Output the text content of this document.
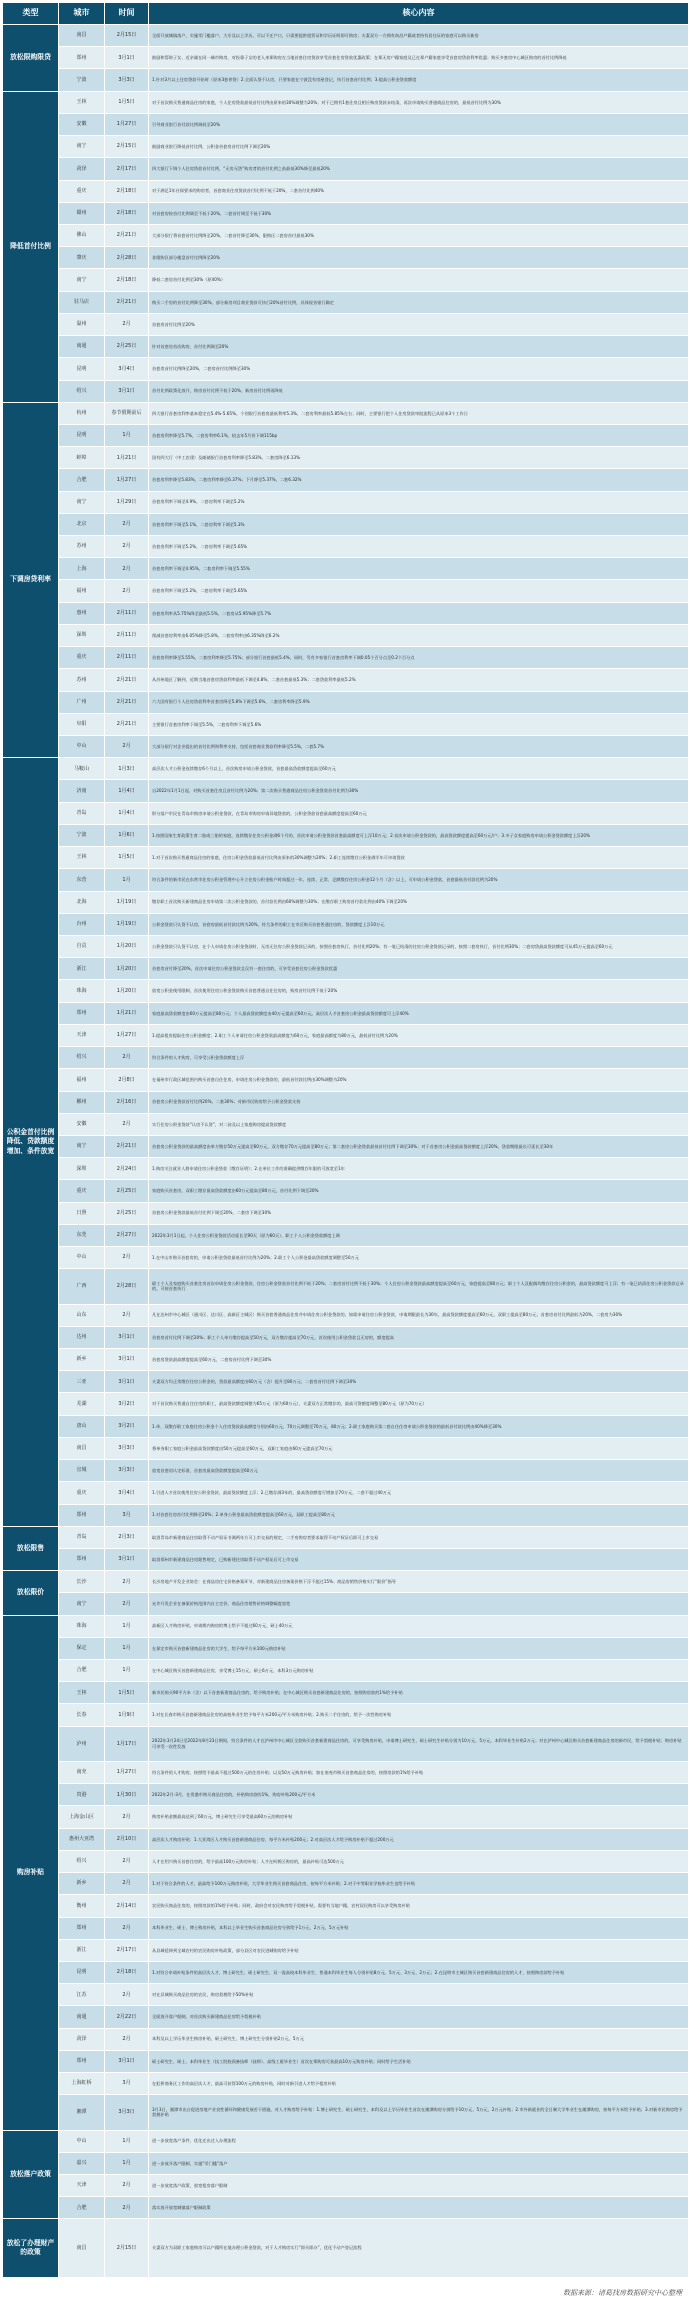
类型	城市	时间	核心内容
放松限购限贷	南昌	2月15日	全面开放城镇落户，实施零门槛落户，大专及以上学历，可以不迁户口，只需要提供租赁证和学历证明即可购房；夫妻双方一方拥有南昌户籍或者持有居住证的家庭可以购买新房

	郑州	3月1日	鼓励和帮助子女、近亲属在同一城市购房，对投靠子女的老人来郑购房在当地首套住房贷款享受首套住房贷款优惠政策；在郑无房户籍家庭及已在郑户籍家庭享受首套房贷款利率优惠；购买多套房中心城区购房的首付比例降低

	宁波	3月3日	1.针对3月以上住房贷款开始时（原来3套停贷）2.全面认贷不认房，只要家庭在宁波没有房屋登记，执行首套首付比例；3.提高公积金贷款额度

降低首付比例	王林	1月5日	对于首次购买普通商品住房的家庭，个人住房贷款最低首付比例由原来的30%调整为20%；对于已拥有1套住房且相应购房贷款未结清，再次申请购买普通商品住房的，最低首付比例为30%

	安徽	1月27日	引导商业银行首付款比例调低至20%

	南宁	2月15日	鼓励商业银行降低首付比例，公积金首套房首付比例下调至20%

	菏泽	2月17日	四大银行下调个人住房贷款首付比例，“无房无贷”购房者的首付比例之前最低30%降至最低20%

	重庆	2月18日	对于满足1年社保要求的购房者，首套商业住房贷款首付比例不低于20%，二套首付比例40%

	赣州	2月18日	对首套房按首付比例调至不低于20%，二套首付调至不低于30%

	佛山	2月21日	大部分银行将首套首付比例降至20%，二套首付降至30%，限购区二套房首付最低30%

	肇庆	2月28日	非限购区部分楼盘首付比例降至20%

	南宁	2月18日	降低二套房首付比例至30%（原40%）

	驻马店	2月21日	购买二手房的首付比例降至30%，部分新房项目商业贷款可执行20%首付比例，具体视各银行确定

	温州	2月	首套房首付比例至20%

	南通	2月25日	针对首套房首次购房，首付比例调至20%

	昆明	3月4日	首套房首付比例降至20%，二套房首付比例降至30%

	绍兴	3月1日	首付比例政策化放开，购房首付比例不低于20%，新房首付比例再降低

下调房贷利率	杭州	春节假期前后	四大银行首套房利率基本稳定在5.4%-5.65%，个别银行首套房最低利率5.3%，二套房利率最低5.85%左右；同时，主要银行把个人住房贷款审批流程已从原来3个工作日

	昆明	1月	首套房利率降至5.7%，二套房利率6.1%，较去年5月份下调115bp

	蚌埠	1月21日	国有四大行（中工农建）及邮储银行首套房利率降至5.83%，二套房降至6.13%

	合肥	1月27日	首套房利率降至5.83%，二套房利率降至6.37%；下月降至5.37%，二套6.32%

	南宁	1月29日	首套房利率下调至4.9%，二套房利率下调至5.2%

	北京	2月	首套房利率下调至5.1%，二套房利率下调至5.3%

	苏州	2月	首套房利率下调至5.2%，二套房利率下调至5.65%

	上海	2月	首套房利率下调至4.95%，二套房利率下调至5.55%

	福州	2月	首套房利率下调至5.2%，二套房利率下调至5.65%

	惠州	2月11日	首套房利率从5.75%降至最低5.5%，二套房从5.95%降至5.7%

	深圳	2月11日	削减首套房利率由6.05%降至5.8%，二套房利率由6.35%降至6.2%

	重庆	2月11日	首套房利率降至5.55%，二套房利率降至5.75%；部分银行首套最低5.4%，同时，另有多家银行首套房利率下调0.05个百分点至0.2个百分点

	苏州	2月21日	从苏州地区了解到，近期当地首套房贷款利率最低下调至4.8%，二套首套最低5.3%；二套贷款利率最低5.2%

	广州	2月21日	六大国有银行个人住房贷款利率首套房降至5.8%下调至5.6%，二套房利率降至5.9%

	阜阳	2月21日	主要银行首套房利率下调至5.5%，二套房利率下调至5.6%

	中山	2月	大部分银行对企业提出的首付比例和利率支持，包括首套商业贷款利率降至5.5%，二套5.7%

公积金首付比例降低、贷款额度增加、条件放宽	马鞍山	1月3日	高层次人才公积金连续缴存6个月以上，首次购房申请公积金贷款，首套最高贷款额度提高至60万元

	济南	1月4日	自2022年1月1日起，对购买首套住房且首付比例为20%；第二次购买普通商品住房公积金贷款首付比例为30%

	青岛	1月4日	积分落户市民在青岛市购房申请公积金贷款，在青岛市购房申请异地贷款的，公积金贷款首套最高额度提高至60万元

	宁波	1月6日	1.按照国家生育政策生育二胎或三胎的家庭，连续缴存住房公积金满6个月的，首次申请公积金贷款首套最高额度可上浮10万元；2.首次申请公积金贷款的，最高贷款额度提高至60万元/户；3.多子女家庭购房申请公积金贷款额度上浮20%

	王林	1月5日	1.对于首次购买普通商品住房的家庭，住房公积金贷款最低首付比例由原来的30%调整为20%；2.职工连续缴存公积金满半年可申请贷款

	东营	1月	符合条件的新市民在东营市住房公积金管理中心开立住房公积金账户时间超过一年，连续、正常、足额缴存住房公积金12个月（含）以上，可申请公积金贷款，首套最低首付款比例为20%

	北海	1月19日	缴存职工首次购买新建商品住房申请第二次公积金贷款的，首付款比例由60%调整为30%；在缴存职工购房首付款比例由40%下调至20%

	台州	1月19日	公积金贷款只认贷不认房，首套房最低首付款比例为20%，符合条件的职工在市区购买首套普通住房的，贷款额度上浮10万元

	自贡	1月20日	公积金贷款只认贷不认房，在个人申请住房公积金贷款时，无房无住房公积金贷款记录的，按照首套房执行，首付比例20%；有一笔已结清的住房公积金贷款记录的，按照二套房执行，首付比例30%；二套房贷最高贷款额度可从45万元提高至60万元

	浙江	1月20日	首套房首付降至20%，首次申请住房公积金贷款且仅有一套住房的，可享受首套住房公积金贷款优惠

	珠海	1月20日	放宽公积金使用限制，首次使用住房公积金贷款购买首套普通自住住房的，购房首付比例不低于20%

	郑州	1月21日	家庭最高贷款额度由60万元提高至80万元；个人最高贷款额度由40万元提高至60万元。高层次人才首套房公积金最高贷款额度可上浮40%

	天津	1月27日	1.提高租房提取住房公积金额度；2.职工个人申请住房公积金贷款最高额度为60万元，家庭最高额度为80万元，最低首付比例为20%

	绍兴	2月	符合条件的人才购房，可享受公积金贷款额度上浮

	福州	2月8日	在福州市行政区域范围内购买首套自住住房，申请住房公积金贷款的，最低首付款比例由30%调整为20%

	郴州	2月16日	首套房公积金贷款首付比例20%，二套30%；对新市民购房给予公积金贷款支持

	安徽	2月	实行住房公积金贷款“认房不认贷”，对二孩及以上家庭购房提高贷款额度

	南宁	2月21日	首套房公积金贷款的最高额度由单方缴存50万元提高至60万元，双方缴存70万元提高至80万元；第二套房公积金贷款最低首付比例下调至30%；对于首套房公积金最高贷款额度上浮20%，贷款期限最长可延长至30年

	深圳	2月24日	1.购房关注就业人群申请住房公积金贷款《缴存证明》；2.在单位工作的准确提供缴存年限的可放宽至1年

	重庆	2月25日	家庭购买首套房，双职工缴存最高贷款额度由60万元提高至80万元，首付比例下调至20%

	日照	2月25日	首套房公积金贷款最低首付比例下调至20%，二套房下调至30%

	东莞	2月27日	2022年3月1日起，个人住房公积金贷款活动延长至90天（原为60天），职工个人公积金贷款额度上调

	中山	2月	1.在中山市购买首套房的，申请公积金贷款最低首付比例为20%；2.职工个人公积金最高贷款额度调整至50万元

	广西	2月28日	职工个人及家庭购买首套住房首次申请住房公积金贷款，住房公积金贷款首付比例不低于20%；二套房首付比例不低于30%；个人住房公积金贷款最高额度提高至60万元，家庭提高至80万元；职工个人及配偶均缴存住房公积金的，最高贷款额度可上浮；有一笔已结清住房公积金贷款记录的，可按首套执行

	山东	2月	凡在达州市中心城区（通川区、达川区、高新区主城区）购买首套普通商品住房并申请住房公积金贷款的，如需申请住房公积金贷款，申请期限最长为30年，最高贷款额度提高至60万元，双职工提高至80万元；首套房首付比例最低为20%，二套房为30%

	达州	3月1日	首套房首付比例下调至20%；职工个人单方缴存提高至50万元，双方缴存提高至70万元，首次使用公积金贷款且无房的，额度提高

	新乡	3月1日	首套房贷款最高额度提高至60万元，二套房首付比例下调至30%

	三亚	3月1日	夫妻双方均正常缴存住房公积金的，贷款最高额度由60万元（含）提升至80万元；二套房首付比例下调至30%

	芜湖	3月2日	对于首次购买普通自住住房的职工，最高贷款额度调整为65万元（原为60万元），夫妻双方正常缴存的，最高可贷额度调整至80万元（原为70万元）

	唐山	3月2日	1.单、双缴存职工家庭住房公积金个人住房贷款最高额度分别由60万元、70万元调整至70万元、80万元；2.职工家庭购买第二套自住住房申请公积金贷款的最低首付款比例由40%降至30%

	南昌	3月3日	将单身职工家庭公积金最高贷款额度由50万元提高至60万元，双职工家庭由60万元提高至70万元

	宜城	3月3日	放宽首套房认定标准，首套房最高贷款额度提高至60万元

	重庆	3月4日	1.引进人才首次使用住房公积金贷款，最高贷款额度上浮；2.已缴存满3年的，最高贷款额度可增加至70万元，二套不超过40万元

	郑州	3月	1.对首套住房首付比例降至20%；2.单身公积金最高贷款额度提高至60万元，双职工提高至80万元

放松限售	青岛	2月3日	取消青岛市新建商品住房取得不动产权证书满两年方可上市交易的规定，二手房购房者要求取得不动产权证后即可上市交易

	郑州	3月1日	取消郑州市新建商品住房限售规定，已购新建住房取得不动产权证后可上市交易

放松限价	长沙	2月	长沙房地产开发企业协会：在商品房住宅价格备案环节，对新建商品住房备案价格下浮不超过15%；商品房销售价格实行“限价”指导

	南宁	2月	允许开发企业在备案价格范围内自主定价，商品住房销售价格调整幅度放宽

购房补贴	珠海	1月	高新区人才购房补贴，申请期内购房的博士给予不超过60万元，硕士40万元

	保定	1月	在保定市购买首套新建商品住房的大学生，给予每平方米100元购房补贴

	合肥	1月	在中心城区购买首套新建商品住房，享受博士15万元、硕士6万元、本科3万元购房补贴

	王林	1月5日	新市民购买90平方米（含）以下首套新建商品住房的，给予购房补贴；在中心城区购买首套新建商品住房的，按照购房款的1%给予补贴

	长春	1月9日	1.对在长春市购买首套新建商品住房的高校毕业生给予每平方米200元/平方米购房补贴；2.购买二手住房的，给予一次性购房补贴

	泸州	1月17日	2022年3月24日至2022年8月23日期间，符合条件的人才在泸州市中心城区全款购买首套新建商品住房的，可享受购房补贴，申请博士研究生、硕士研究生补贴分别为10万元、5万元，本科毕业生补贴2万元；对在泸州中心城区购买首套新建商品住房的新市民，给予契税补贴；购房补贴可享受一次性发放

	南充	1月27日	符合条件的人才购房，按照给予最高不超过500万元的住房补贴；以及50万元购房补贴；如在南充市购买首套商品住房的，按照房款的1%给予补贴

	贵港	1月30日	2022年2月-3月，在贵港市购买商品住房的，补贴购房款的1%，购房补贴200元/平方米

	上海金山区	2月	购房补贴金额最高达到了60万元，博士研究生可享受最高60万元的购房补贴

	惠州大亚湾	2月10日	高层次人才购房补贴：1.大亚湾区人才购买首套新建商品住房，每平方米补贴200元；2.对高层次人才给予购房补贴不超过200万元

	绍兴	2月	人才在绍兴购买首套住房的，给予最高100万元购房补贴；人才在柯桥区购房的，最高补贴可达500万元

	新乡	2月	1.对于符合条件的人才，最高给予100万元购房补贴，大学毕业生购买首套商品住房，按每平方米补贴；2.对于中等职业学校毕业生也给予补贴

	衡州	2月14日	农民购买商品住房的，按照房款的1%给予补贴；同时，政府会对农民购房给予契税补贴，需要有当地户籍，农村居民购房可以享受购房补贴

	郑州	2月	本科毕业生、硕士、博士购房补贴，本科以上毕业生购买首套商品住房分别给予1万元、2万元、5万元补贴

	浙江	2月17日	从县城延伸到全域农村的农民购房补贴政策，部分县区对农民进城购房给予补贴

	昆明	2月18日	1.对符合申请补贴条件的高层次人才，博士研究生、硕士研究生、双一流高校本科毕业生、普通本科毕业生每人分别补贴8万元、5万元、3万元、2万元；2.在昆明市主城区购买首套新建商品住房的人才，按照购房款给予补贴

	江苏	2月	对在县城购买商品住房的农民，购房契税给予50%补贴

	南通	2月22日	全面放开落户限制，对首次购买新建商品住房给予契税补贴

	菏泽	2月	本科及以上学历毕业生购房补贴，硕士研究生、博士研究生分别补贴2万元、5万元

	郑州	3月1日	硕士研究生、硕士、本科毕业生（技工院校预备技师（技师）、高级工班毕业生）首次在郑购房可获最高10万元购房补贴；同时给予生活补贴

	上海虹桥	3月	在虹桥商务区工作的高层次人才，最高可获得100万元的购房补贴，同时对新引进人才给予租房补贴

	湘潭	3月3日	3月3日，湘潭市出台促进房地产业良性循环和健康发展若干措施，对人才购房给予补贴：1.博士研究生、硕士研究生、本科及以上学历毕业生首次在湘潭购房分别给予10万元、5万元、2万元补贴；2.市外新就业的全日制大学毕业生在湘潭购房，按每平方米给予补贴；3.对新市民购房给予契税补贴

放松落户政策	中山	1月	进一步放宽落户条件，优化迁出迁入办理流程

	嘉兴	1月	进一步放开落户限制，实施“零门槛”落户

	天津	2月	进一步放宽落户政策，放宽租房落户限制

	合肥	2月	落实放开放宽城镇落户限制政策

放松了办理财产的政策	南昌	2月15日	夫妻双方为双职工家庭购房可以户籍所在地办理公积金贷款，对于人才购房实行“即买即办”，优化不动产登记流程
数据来源：诸葛找房数据研究中心整理
